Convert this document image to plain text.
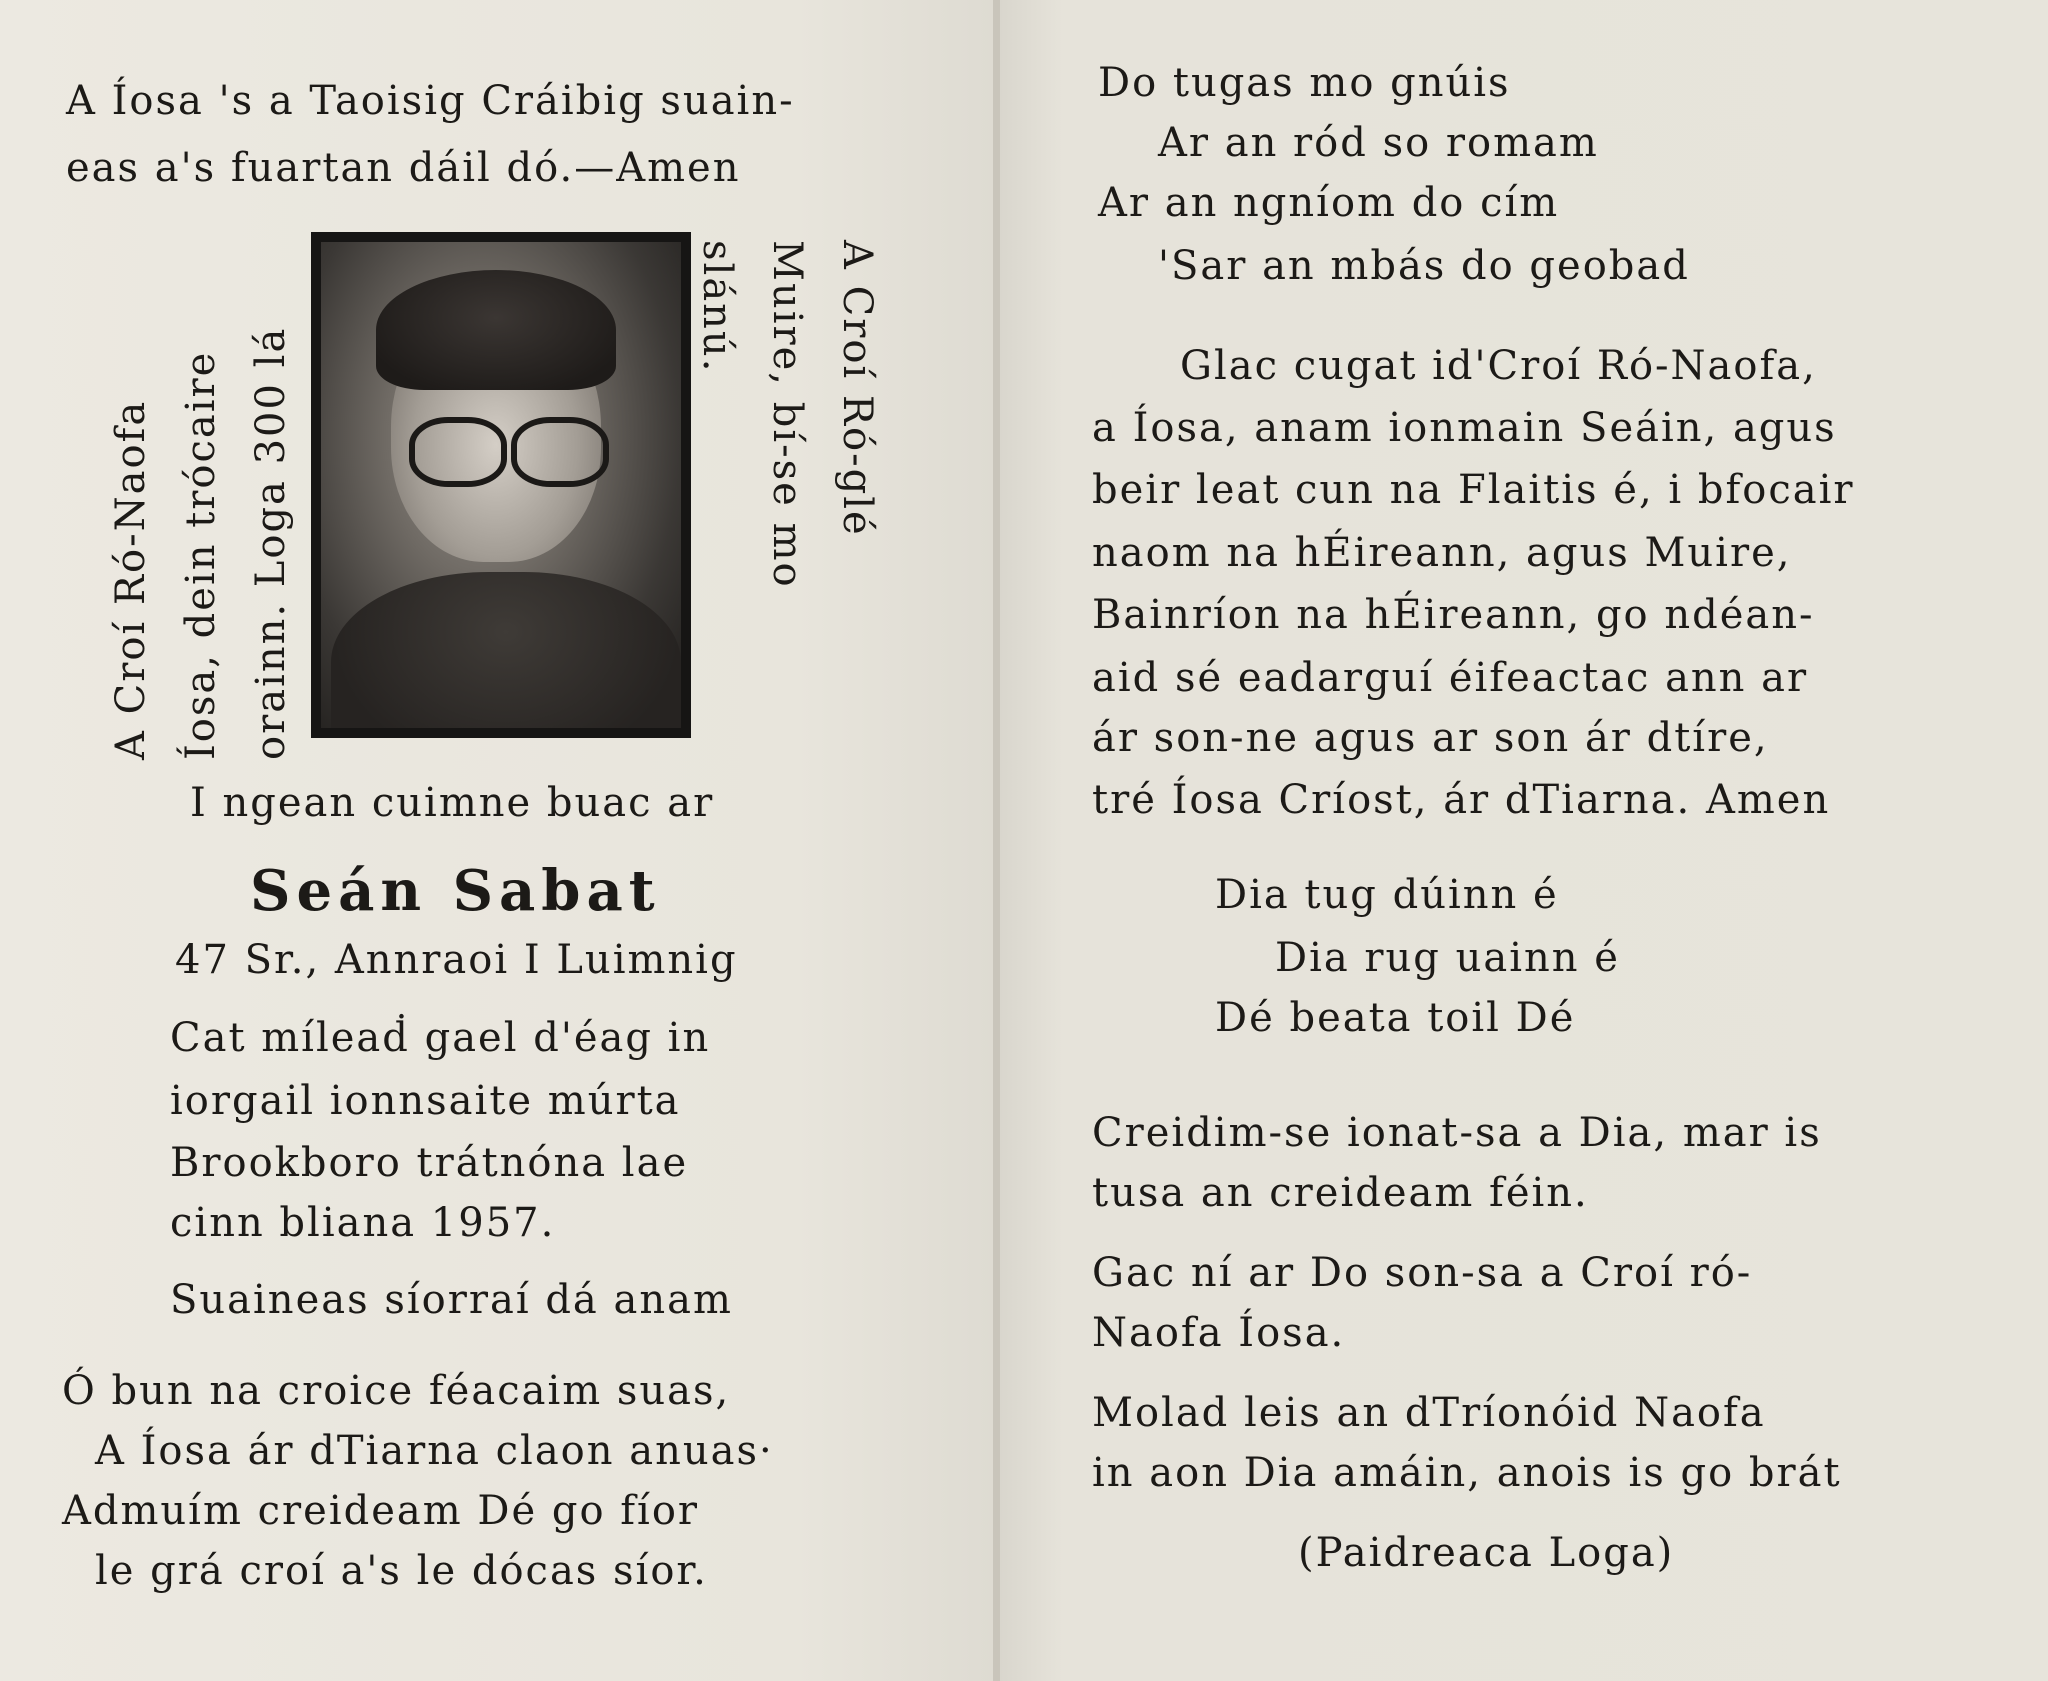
A Íosa 's a Taoisig Cráibig suain-
eas a's fuartan dáil dó.—Amen
A Croí Ró-Naofa Íosa, dein trócaire orainn. Loga 300 lá	A Croí Ró-glé
Muire, bí-se mo
slánú.
I ngean cuimne buac ar
Seán Sabat
47 Sr., Annraoi I Luimnig
Cat míleaḋ gael d'éag in
iorgail ionnsaite múrta
Brookboro trátnóna lae
cinn bliana 1957.
Suaineas síorraí dá anam
Ó bun na croice féacaim suas,
A Íosa ár dTiarna claon anuas·
Admuím creideam Dé go fíor
le grá croí a's le dócas síor.
Do tugas mo gnúis
Ar an ród so romam
Ar an ngníom do cím
'Sar an mbás do geobad
Glac cugat id'Croí Ró-Naofa,
a Íosa, anam ionmain Seáin, agus
beir leat cun na Flaitis é, i bfocair
naom na hÉireann, agus Muire,
Bainríon na hÉireann, go ndéan-
aid sé eadarguí éifeactac ann ar
ár son-ne agus ar son ár dtíre,
tré Íosa Críost, ár dTiarna. Amen
Dia tug dúinn é
Dia rug uainn é
Dé beata toil Dé
Creidim-se ionat-sa a Dia, mar is
tusa an creideam féin.
Gac ní ar Do son-sa a Croí ró-
Naofa Íosa.
Molad leis an dTríonóid Naofa
in aon Dia amáin, anois is go brát
(Paidreaca Loga)
